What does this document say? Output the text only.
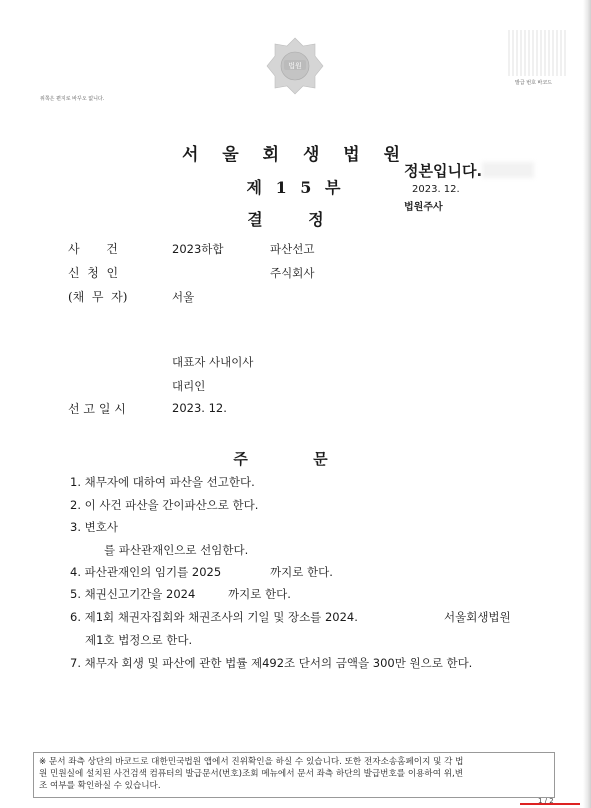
위쪽은 편지로 바꾸오 없니다.
법원
발급 번호 바코드
서 울 회 생 법 원
제 1 5 부
결 정
정본입니다.
2023. 12.
법원주사
사       건	2023하합	파산선고
신  청  인	주식회사
(채  무  자)	서울
대표자 사내이사
대리인
선 고 일 시	2023. 12.
주 문
1. 채무자에 대하여 파산을 선고한다.
2. 이 사건 파산을 간이파산으로 한다.
3. 변호사
를 파산관재인으로 선임한다.
4. 파산관재인의 임기를 2025	까지로 한다.
5. 채권신고기간을 2024	까지로 한다.
6. 제1회 채권자집회와 채권조사의 기일 및 장소를 2024.	서울회생법원
제1호 법정으로 한다.
7. 채무자 회생 및 파산에 관한 법률 제492조 단서의 금액을 300만 원으로 한다.
※ 문서 좌측 상단의 바코드로 대한민국법원 앱에서 진위확인을 하실 수 있습니다. 또한 전자소송홈페이지 및 각 법
원 민원실에 설치된 사건검색 컴퓨터의 발급문서(번호)조회 메뉴에서 문서 좌측 하단의 발급번호를 이용하여 위,변
조 여부를 확인하실 수 있습니다.
1 / 2
